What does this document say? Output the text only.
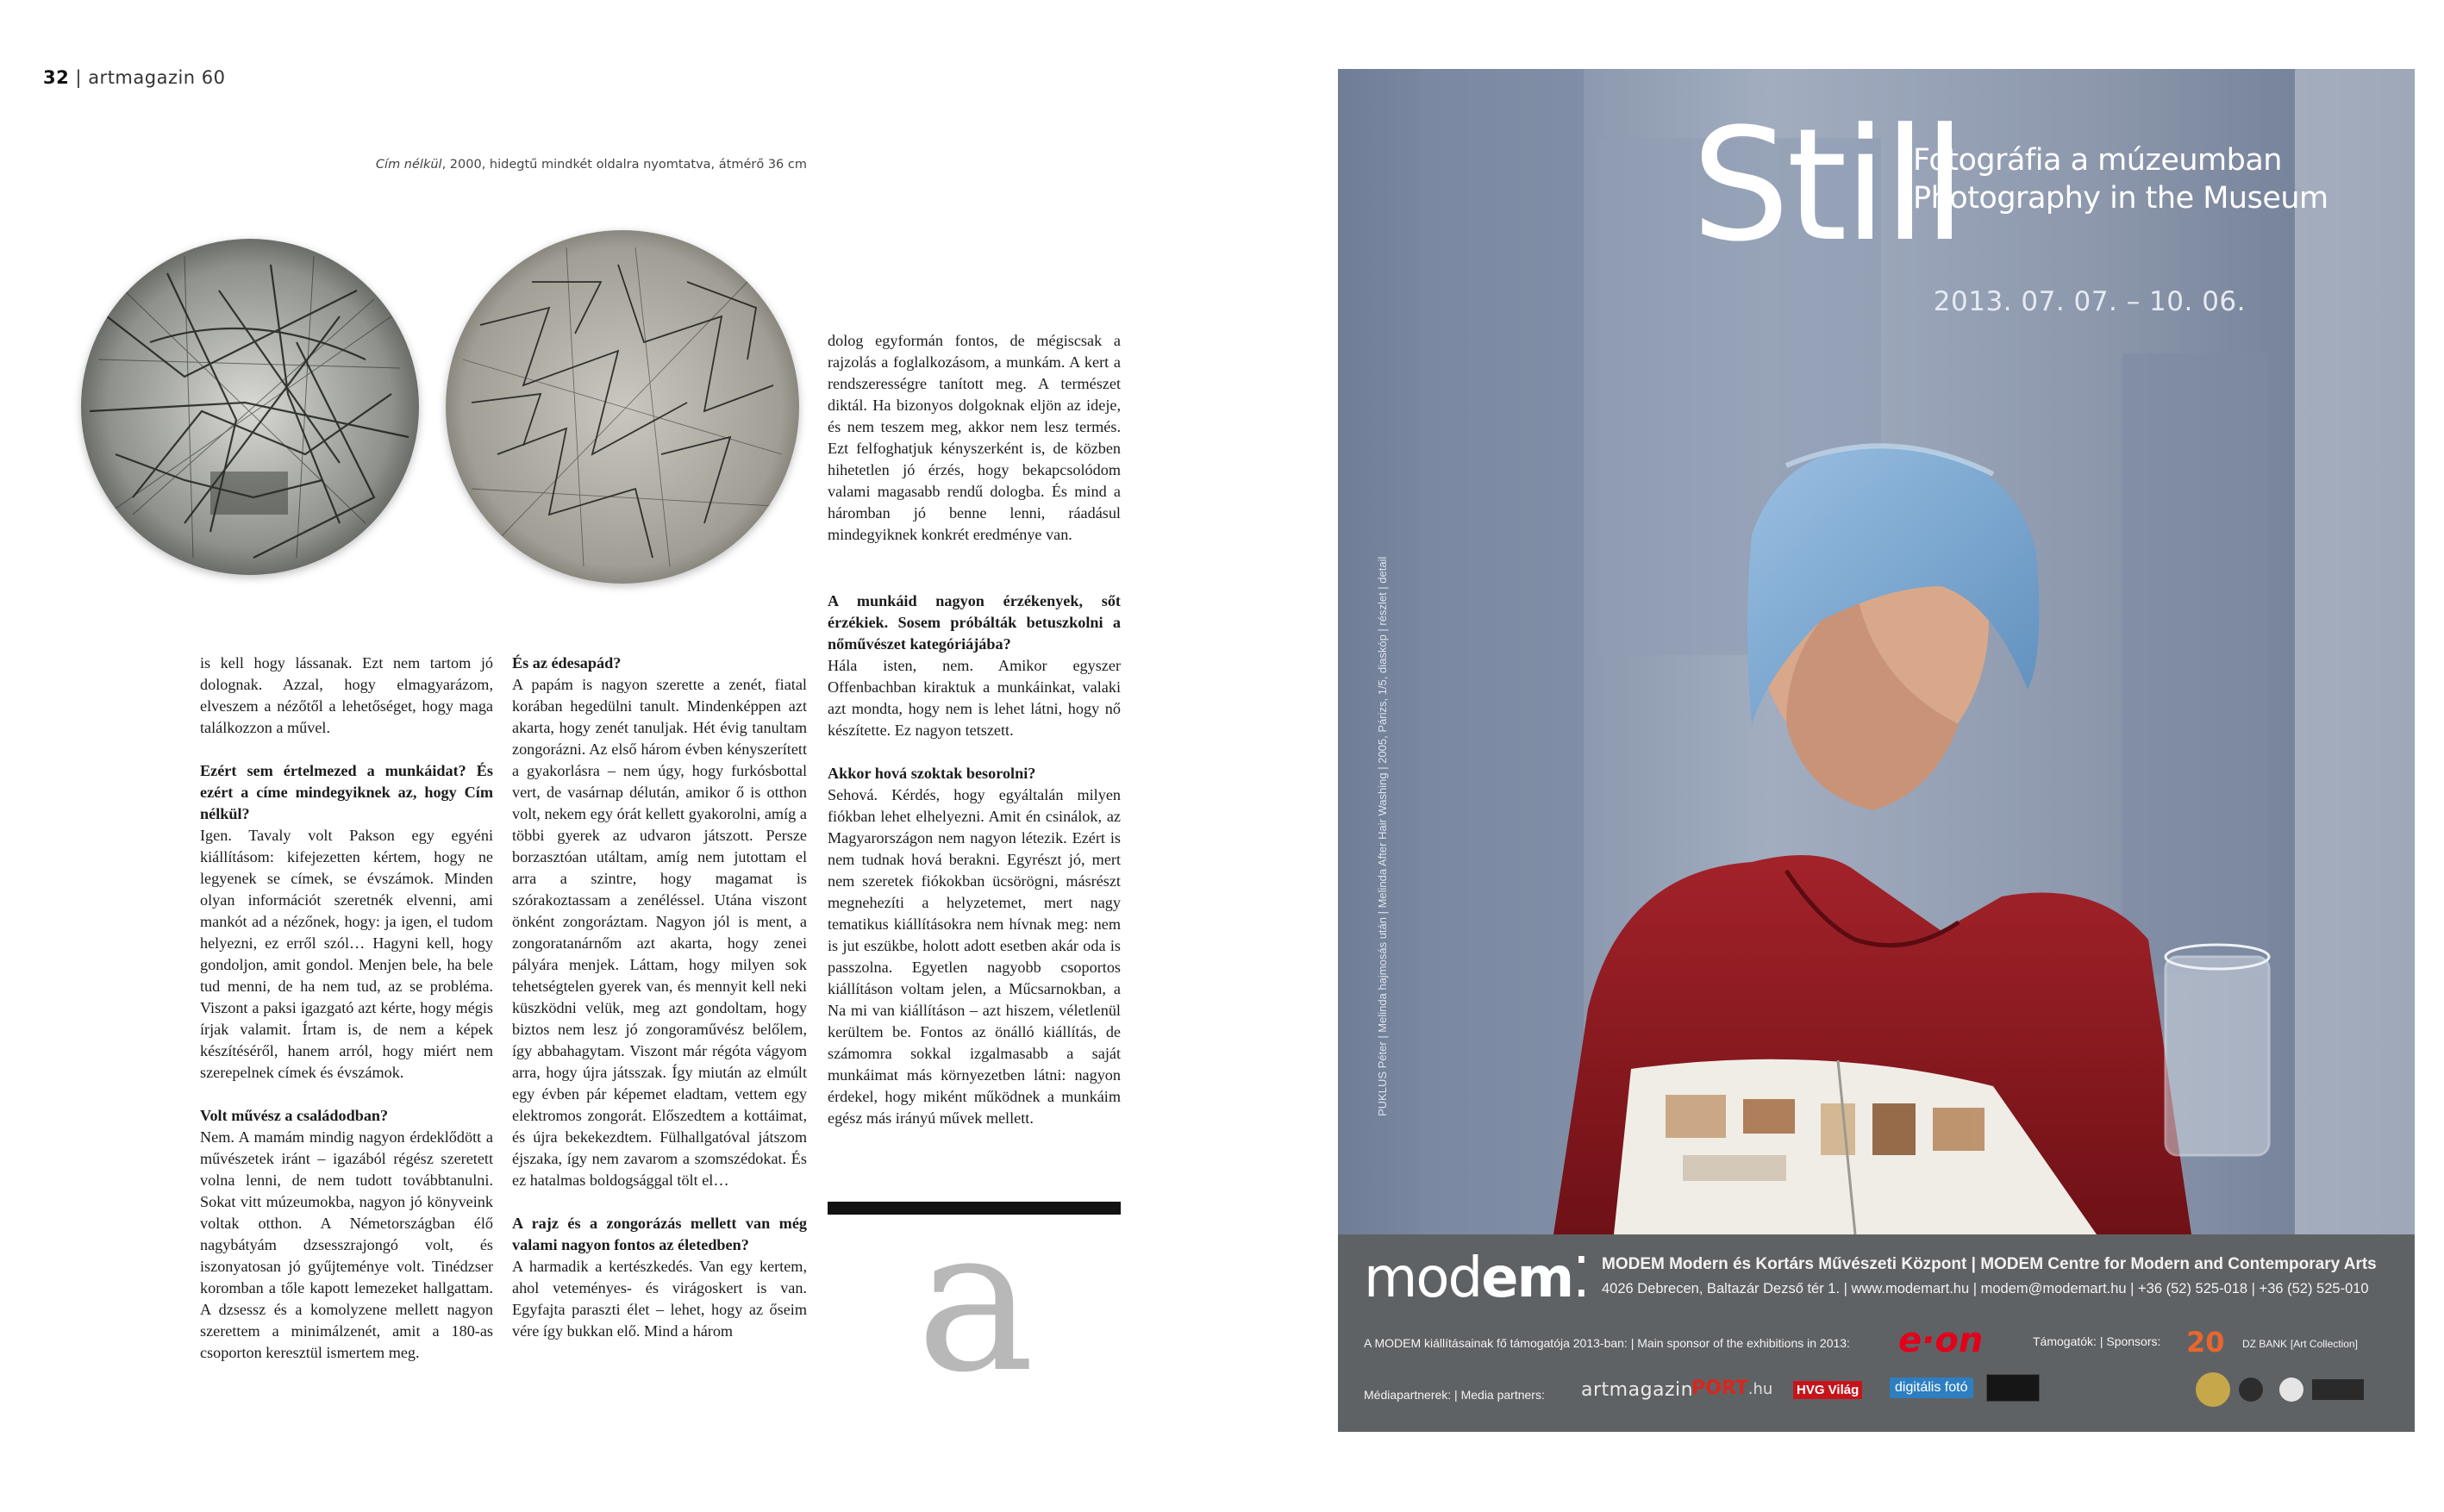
32 | artmagazin 60
Cím nélkül, 2000, hidegtű mindkét oldalra nyomtatva, átmérő 36 cm

is kell hogy lássanak. Ezt nem tartom jó dolognak. Azzal, hogy elmagyarázom, elveszem a nézőtől a lehetőséget, hogy maga találkozzon a művel.

Ezért sem értelmezed a munkáidat? És ezért a címe mindegyiknek az, hogy Cím nélkül?

Igen. Tavaly volt Pakson egy egyéni kiállításom: kifejezetten kértem, hogy ne legyenek se címek, se évszámok. Minden olyan információt szeretnék elvenni, ami mankót ad a nézőnek, hogy: ja igen, el tudom helyezni, ez erről szól… Hagyni kell, hogy gondoljon, amit gondol. Menjen bele, ha bele tud menni, de ha nem tud, az se probléma. Viszont a paksi igazgató azt kérte, hogy mégis írjak valamit. Írtam is, de nem a képek készítéséről, hanem arról, hogy miért nem szerepelnek címek és évszámok.

Volt művész a családodban?

Nem. A mamám mindig nagyon érdeklődött a művészetek iránt – igazából régész szeretett volna lenni, de nem tudott továbbtanulni. Sokat vitt múzeumokba, nagyon jó könyveink voltak otthon. A Németországban élő nagybátyám dzsesszrajongó volt, és iszonyatosan jó gyűjteménye volt. Tinédzser koromban a tőle kapott lemezeket hallgattam. A dzsessz és a komolyzene mellett nagyon szerettem a minimálzenét, amit a 180-as csoporton keresztül ismertem meg.

És az édesapád?

A papám is nagyon szerette a zenét, fiatal korában hegedülni tanult. Mindenképpen azt akarta, hogy zenét tanuljak. Hét évig tanultam zongorázni. Az első három évben kényszerített a gyakorlásra – nem úgy, hogy furkósbottal vert, de vasárnap délután, amikor ő is otthon volt, nekem egy órát kellett gyakorolni, amíg a többi gyerek az udvaron játszott. Persze borzasztóan utáltam, amíg nem jutottam el arra a szintre, hogy magamat is szórakoztassam a zenéléssel. Utána viszont önként zongoráztam. Nagyon jól is ment, a zongoratanárnőm azt akarta, hogy zenei pályára menjek. Láttam, hogy milyen sok tehetségtelen gyerek van, és mennyit kell neki küszködni velük, meg azt gondoltam, hogy biztos nem lesz jó zongoraművész belőlem, így abbahagytam. Viszont már régóta vágyom arra, hogy újra játsszak. Így miután az elmúlt egy évben pár képemet eladtam, vettem egy elektromos zongorát. Előszedtem a kottáimat, és újra bekekezdtem. Fülhallgatóval játszom éjszaka, így nem zavarom a szomszédokat. És ez hatalmas boldogsággal tölt el…

A rajz és a zongorázás mellett van még valami nagyon fontos az életedben?

A harmadik a kertészkedés. Van egy kertem, ahol veteményes- és virágoskert is van. Egyfajta paraszti élet – lehet, hogy az őseim vére így bukkan elő. Mind a három

dolog egyformán fontos, de mégiscsak a rajzolás a foglalkozásom, a munkám. A kert a rendszerességre tanított meg. A természet diktál. Ha bizonyos dolgoknak eljön az ideje, és nem teszem meg, akkor nem lesz termés. Ezt felfoghatjuk kényszerként is, de közben hihetetlen jó érzés, hogy bekapcsolódom valami magasabb rendű dologba. És mind a háromban jó benne lenni, ráadásul mindegyiknek konkrét eredménye van.

A munkáid nagyon érzékenyek, sőt érzékiek. Sosem próbálták betuszkolni a nőművészet kategóriájába?

Hála isten, nem. Amikor egyszer Offenbachban kiraktuk a munkáinkat, valaki azt mondta, hogy nem is lehet látni, hogy nő készítette. Ez nagyon tetszett.

Akkor hová szoktak besorolni?

Sehová. Kérdés, hogy egyáltalán milyen fiókban lehet elhelyezni. Amit én csinálok, az Magyarországon nem nagyon létezik. Ezért is nem tudnak hová berakni. Egyrészt jó, mert nem szeretek fiókokban ücsörögni, másrészt megnehezíti a helyzetemet, mert nagy tematikus kiállításokra nem hívnak meg: nem is jut eszükbe, holott adott esetben akár oda is passzolna. Egyetlen nagyobb csoportos kiállításon voltam jelen, a Műcsarnokban, a Na mi van kiállításon – azt hiszem, véletlenül kerültem be. Fontos az önálló kiállítás, de számomra sokkal izgalmasabb a saját munkáimat más környezetben látni: nagyon érdekel, hogy miként működnek a munkáim egész más irányú művek mellett.

a
Still
Fotográfia a múzeumban
Photography in the Museum
2013. 07. 07. – 10. 06.
PUKLUS Péter | Melinda hajmosás után | Melinda After Hair Washing | 2005, Párizs, 1/5, diaskóp | részlet | detail
modem⁚ MODEM Modern és Kortárs Művészeti Központ | MODEM Centre for Modern and Contemporary Arts
4026 Debrecen, Baltazár Dezső tér 1. | www.modemart.hu | modem@modemart.hu | +36 (52) 525-018 | +36 (52) 525-010
A MODEM kiállításainak fő támogatója 2013-ban: | Main sponsor of the exhibitions in 2013: e·on	Támogatók: | Sponsors: 20 DZ BANK [Art Collection]
Médiapartnerek: | Media partners: artmagazin
PORT.hu HVG Világ	digitális fotó
